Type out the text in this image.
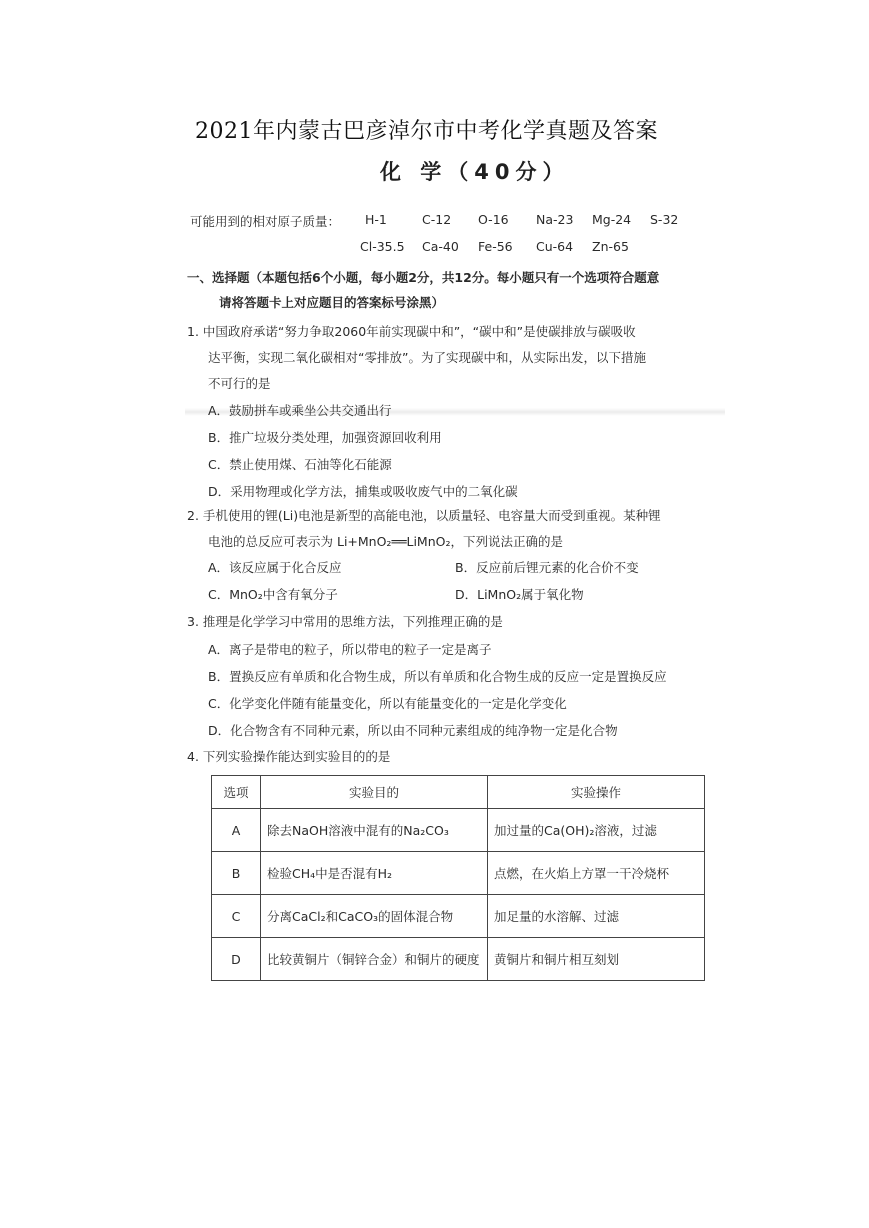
2021年内蒙古巴彦淖尔市中考化学真题及答案
化 学（40分）
可能用到的相对原子质量： H-1	C-12 O-16 Na-23 Mg-24 S-32
Cl-35.5 Ca-40 Fe-56 Cu-64 Zn-65
一、选择题（本题包括6个小题，每小题2分，共12分。每小题只有一个选项符合题意
请将答题卡上对应题目的答案标号涂黑）
1. 中国政府承诺“努力争取2060年前实现碳中和”，“碳中和”是使碳排放与碳吸收
达平衡，实现二氧化碳相对“零排放”。为了实现碳中和，从实际出发，以下措施
不可行的是
A．鼓励拼车或乘坐公共交通出行
B．推广垃圾分类处理，加强资源回收利用
C．禁止使用煤、石油等化石能源
D．采用物理或化学方法，捕集或吸收废气中的二氧化碳
2. 手机使用的锂(Li)电池是新型的高能电池，以质量轻、电容量大而受到重视。某种锂
电池的总反应可表示为 Li+MnO₂══LiMnO₂，下列说法正确的是
A．该反应属于化合反应	B．反应前后锂元素的化合价不变
C．MnO₂中含有氧分子	D．LiMnO₂属于氧化物
3. 推理是化学学习中常用的思维方法，下列推理正确的是
A．离子是带电的粒子，所以带电的粒子一定是离子
B．置换反应有单质和化合物生成，所以有单质和化合物生成的反应一定是置换反应
C．化学变化伴随有能量变化，所以有能量变化的一定是化学变化
D．化合物含有不同种元素，所以由不同种元素组成的纯净物一定是化合物
4. 下列实验操作能达到实验目的的是
选项	实验目的	实验操作
A	除去NaOH溶液中混有的Na₂CO₃	加过量的Ca(OH)₂溶液，过滤
B	检验CH₄中是否混有H₂	点燃，在火焰上方罩一干冷烧杯
C	分离CaCl₂和CaCO₃的固体混合物	加足量的水溶解、过滤
D	比较黄铜片（铜锌合金）和铜片的硬度	黄铜片和铜片相互刻划
